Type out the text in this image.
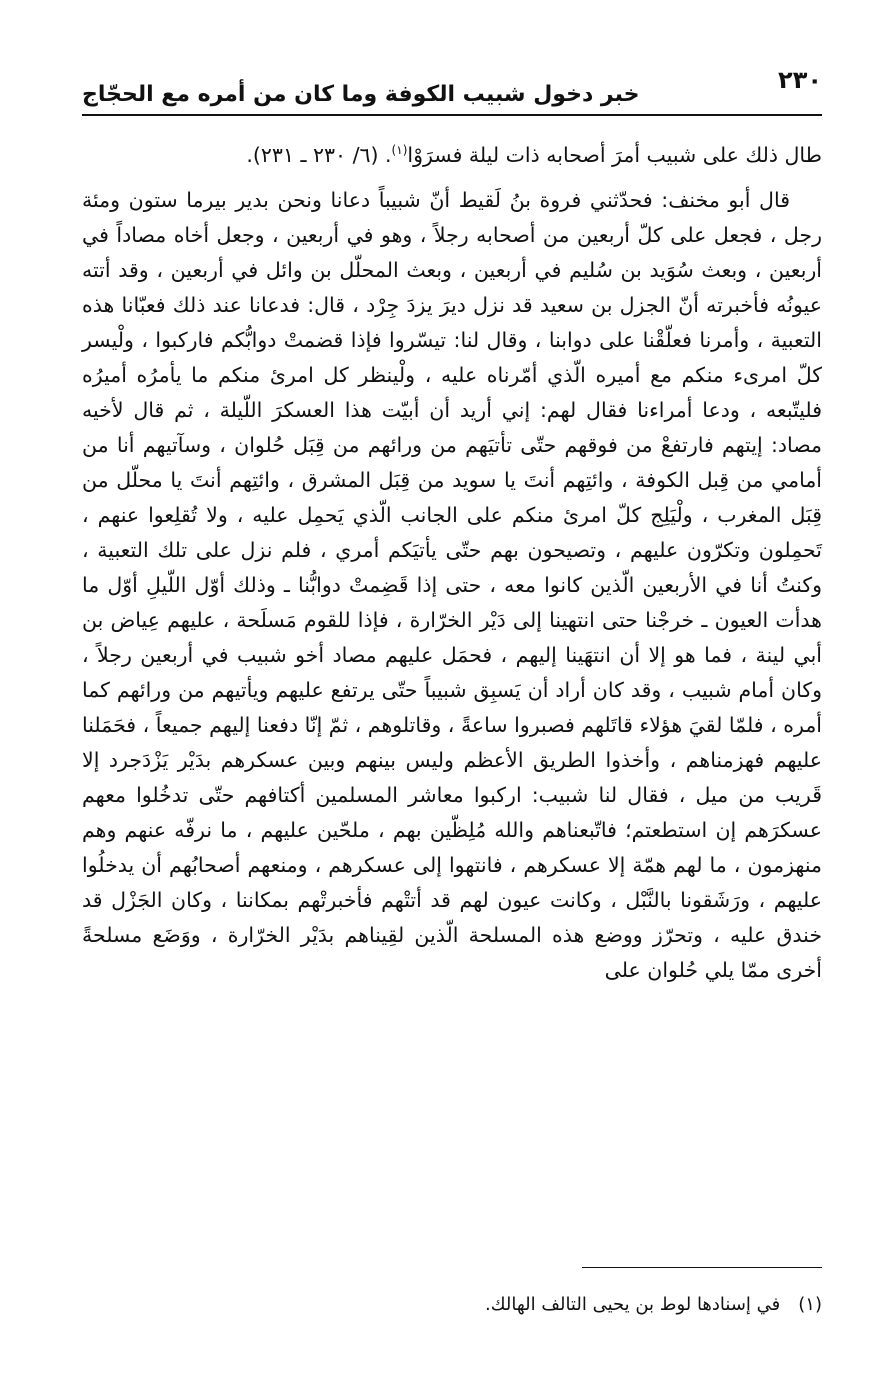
٢٣٠
خبر دخول شبيب الكوفة وما كان من أمره مع الحجّاج

طال ذلك على شبيب أمرَ أصحابه ذات ليلة فسرَوْا$^{(١)}$. (٦/ ٢٣٠ ـ ٢٣١).

قال أبو مخنف: فحدّثني فروة بنُ لَقيط أنّ شبيباً دعانا ونحن بدير بيرما ستون ومئة رجل ، فجعل على كلّ أربعين من أصحابه رجلاً ، وهو في أربعين ، وجعل أخاه مصاداً في أربعين ، وبعث سُوَيد بن سُليم في أربعين ، وبعث المحلّل بن وائل في أربعين ، وقد أتته عيونُه فأخبرته أنّ الجزل بن سعيد قد نزل ديرَ يزدَ جِرْد ، قال: فدعانا عند ذلك فعبّانا هذه التعبية ، وأمرنا فعلّقْنا على دوابنا ، وقال لنا: تيسّروا فإذا قضمتْ دوابُّكم فاركبوا ، ولْيسر كلّ امرىء منكم مع أميره الّذي أمّرناه عليه ، ولْينظر كل امرئ منكم ما يأمرُه أميرُه فليتّبعه ، ودعا أمراءنا فقال لهم: إني أريد أن أبيّت هذا العسكرَ اللّيلة ، ثم قال لأخيه مصاد: إيتهم فارتفعْ من فوقهم حتّى تأتيَهم من ورائهم من قِبَل حُلوان ، وسآتيهم أنا من أمامي من قِبل الكوفة ، وائتِهم أنتَ يا سويد من قِبَل المشرق ، وائتِهم أنتَ يا محلّل من قِبَل المغرب ، ولْيَلِج كلّ امرئ منكم على الجانب الّذي يَحمِل عليه ، ولا تُقلِعوا عنهم ، تَحمِلون وتكرّون عليهم ، وتصيحون بهم حتّى يأتيَكم أمري ، فلم نزل على تلك التعبية ، وكنتُ أنا في الأربعين الّذين كانوا معه ، حتى إذا قَضِمتْ دوابُّنا ـ وذلك أوّل اللّيلِ أوّل ما هدأت العيون ـ خرجْنا حتى انتهينا إلى دَيْر الخرّارة ، فإذا للقوم مَسلَحة ، عليهم عِياض بن أبي لينة ، فما هو إلا أن انتهَينا إليهم ، فحمَل عليهم مصاد أخو شبيب في أربعين رجلاً ، وكان أمام شبيب ، وقد كان أراد أن يَسبِق شبيباً حتّى يرتفع عليهم ويأتيهم من ورائهم كما أمره ، فلمّا لقيَ هؤلاء قاتَلهم فصبروا ساعةً ، وقاتلوهم ، ثمّ إنّا دفعنا إليهم جميعاً ، فحَمَلنا عليهم فهزمناهم ، وأخذوا الطريق الأعظم وليس بينهم وبين عسكرهم بدَيْر يَزْدَجرد إلا قَريب من ميل ، فقال لنا شبيب: اركبوا معاشر المسلمين أكتافهم حتّى تدخُلوا معهم عسكرَهم إن استطعتم؛ فاتّبعناهم والله مُلِظّين بهم ، ملحّين عليهم ، ما نرفّه عنهم وهم منهزمون ، ما لهم همّة إلا عسكرهم ، فانتهوا إلى عسكرهم ، ومنعهم أصحابُهم أن يدخلُوا عليهم ، ورَشَقونا بالنَّبْل ، وكانت عيون لهم قد أتتْهم فأخبرتْهم بمكاننا ، وكان الجَزْل قد خندق عليه ، وتحرّز ووضع هذه المسلحة الّذين لقِيناهم بدَيْر الخرّارة ، ووَضَع مسلحةً أخرى ممّا يلي حُلوان على

(١)في إسنادها لوط بن يحيى التالف الهالك.
